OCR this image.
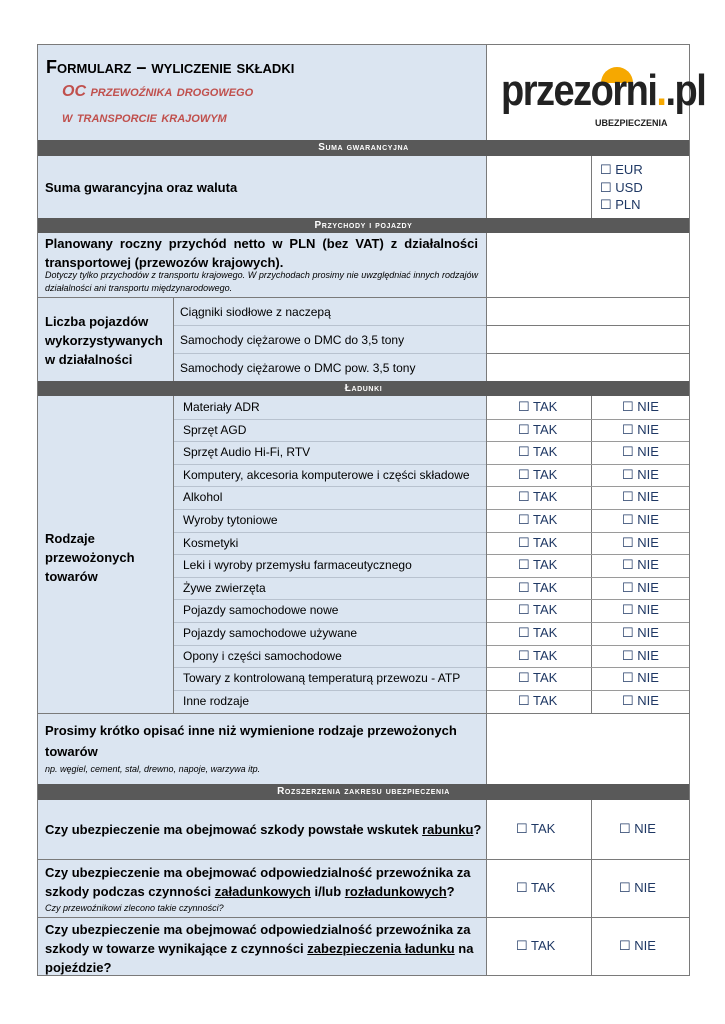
Formularz – wyliczenie składki
OC przewoźnika drogowego
w transporcie krajowym
przezorni..pl
UBEZPIECZENIA
Suma gwarancyjna
Suma gwarancyjna oraz waluta
☐ EUR
☐ USD
☐ PLN
Przychody i pojazdy
Planowany roczny przychód netto w PLN (bez VAT) z działalności transportowej (przewozów krajowych).
Dotyczy tylko przychodów z transportu krajowego. W przychodach prosimy nie uwzględniać innych rodzajów działalności ani transportu międzynarodowego.
Liczba pojazdów wykorzystywanych w działalności
Ciągniki siodłowe z naczepą
Samochody ciężarowe o DMC do 3,5 tony
Samochody ciężarowe o DMC pow. 3,5 tony
Ładunki
Rodzaje przewożonych towarów
Materiały ADR	☐ TAK	☐ NIE
Sprzęt AGD	☐ TAK	☐ NIE
Sprzęt Audio Hi-Fi, RTV	☐ TAK	☐ NIE
Komputery, akcesoria komputerowe i części składowe	☐ TAK	☐ NIE
Alkohol	☐ TAK	☐ NIE
Wyroby tytoniowe	☐ TAK	☐ NIE
Kosmetyki	☐ TAK	☐ NIE
Leki i wyroby przemysłu farmaceutycznego	☐ TAK	☐ NIE
Żywe zwierzęta	☐ TAK	☐ NIE
Pojazdy samochodowe nowe	☐ TAK	☐ NIE
Pojazdy samochodowe używane	☐ TAK	☐ NIE
Opony i części samochodowe	☐ TAK	☐ NIE
Towary z kontrolowaną temperaturą przewozu - ATP	☐ TAK	☐ NIE
Inne rodzaje	☐ TAK	☐ NIE
Prosimy krótko opisać inne niż wymienione rodzaje przewożonych towarów
np. węgiel, cement, stal, drewno, napoje, warzywa itp.
Rozszerzenia zakresu ubezpieczenia
Czy ubezpieczenie ma obejmować szkody powstałe wskutek rabunku?	☐ TAK	☐ NIE
Czy ubezpieczenie ma obejmować odpowiedzialność przewoźnika za szkody podczas czynności załadunkowych i/lub rozładunkowych?
Czy przewoźnikowi zlecono takie czynności?
☐ TAK	☐ NIE
Czy ubezpieczenie ma obejmować odpowiedzialność przewoźnika za szkody w towarze wynikające z czynności zabezpieczenia ładunku na pojeździe?
☐ TAK	☐ NIE
